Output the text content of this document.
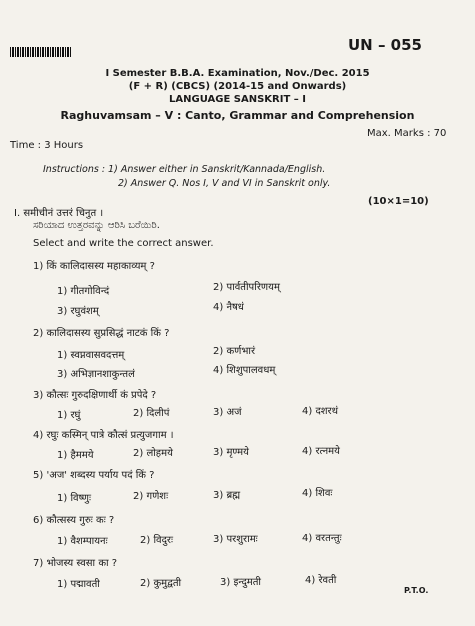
UN – 055
I Semester B.B.A. Examination, Nov./Dec. 2015
(F + R) (CBCS) (2014-15 and Onwards)
LANGUAGE SANSKRIT – I
Raghuvamsam – V : Canto, Grammar and Comprehension
Time : 3 Hours
Max. Marks : 70
Instructions : 1) Answer either in Sanskrit/Kannada/English.
2) Answer Q. Nos I, V and VI in Sanskrit only.
I. समीचीनं उत्तरं चिनुत ।
(10×1=10)
ಸರಿಯಾದ ಉತ್ತರವನ್ನು ಆರಿಸಿ ಬರೆಯಿರಿ.
Select and write the correct answer.
1) किं कालिदासस्य महाकाव्यम् ?
1) गीतगोविन्दं	2) पार्वतीपरिणयम्
3) रघुवंशम्	4) नैषधं
2) कालिदासस्य सुप्रसिद्धं नाटकं किं ?
1) स्वप्नवासवदत्तम्	2) कर्णभारं
3) अभिज्ञानशाकुन्तलं	4) शिशुपालवधम्
3) कौत्सः गुरुदक्षिणार्थी कं प्रपेदे ?
1) रघुं	2) दिलीपं	3) अजं	4) दशरथं
4) रघुः कस्मिन् पात्रे कौत्सं प्रत्युजगाम ।
1) हैममये	2) लोहमये	3) मृण्मये	4) रत्नमये
5) 'अज' शब्दस्य पर्याय पदं किं ?
1) विष्णुः	2) गणेशः	3) ब्रह्म	4) शिवः
6) कौत्सस्य गुरुः कः ?
1) वैशम्पायनः	2) विदुरः	3) परशुरामः	4) वरतन्तुः
7) भोजस्य स्वसा का ?
1) पद्मावती	2) कुमुद्वती	3) इन्दुमती	4) रेवती
P.T.O.
